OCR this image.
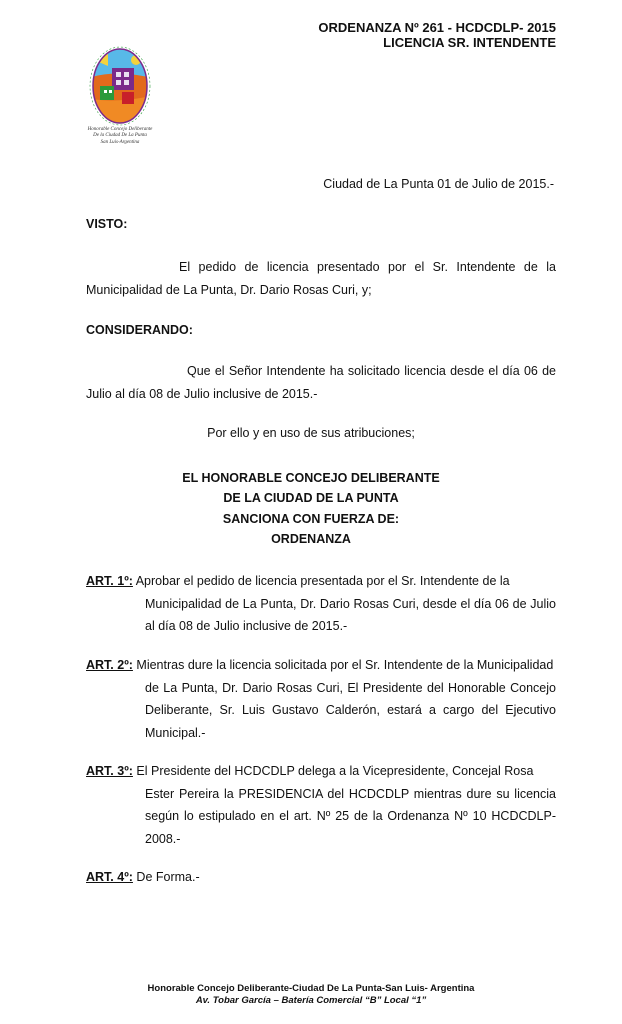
ORDENANZA Nº 261 - HCDCDLP- 2015
LICENCIA SR. INTENDENTE
Honorable Concejo Deliberante
De la Ciudad De La Punta
San Luis-Argentina
Ciudad de La Punta 01 de Julio de 2015.-
VISTO:
El pedido de licencia presentado por el Sr. Intendente de la Municipalidad de La Punta, Dr. Dario Rosas Curi, y;
CONSIDERANDO:
Que el Señor Intendente ha solicitado licencia desde el día 06 de Julio al día 08 de Julio inclusive de 2015.-
Por ello y en uso de sus atribuciones;
EL HONORABLE CONCEJO DELIBERANTE
DE LA CIUDAD DE LA PUNTA
SANCIONA CON FUERZA DE:
ORDENANZA
ART. 1º: Aprobar el pedido de licencia presentada por el Sr. Intendente de la
Municipalidad de La Punta, Dr. Dario Rosas Curi, desde el día 06 de Julio al día 08 de Julio inclusive de 2015.-
ART. 2º: Mientras dure la licencia solicitada por el Sr. Intendente de la Municipalidad
de La Punta, Dr. Dario Rosas Curi, El Presidente del Honorable Concejo Deliberante, Sr. Luis Gustavo Calderón, estará a cargo del Ejecutivo Municipal.-
ART. 3º: El Presidente del HCDCDLP delega a la Vicepresidente, Concejal Rosa
Ester Pereira la PRESIDENCIA del HCDCDLP mientras dure su licencia según lo estipulado en el art. Nº 25 de la Ordenanza Nº 10 HCDCDLP-2008.-
ART. 4º: De Forma.-
Honorable Concejo Deliberante-Ciudad De La Punta-San Luis- Argentina
Av. Tobar García – Batería Comercial “B” Local “1”
